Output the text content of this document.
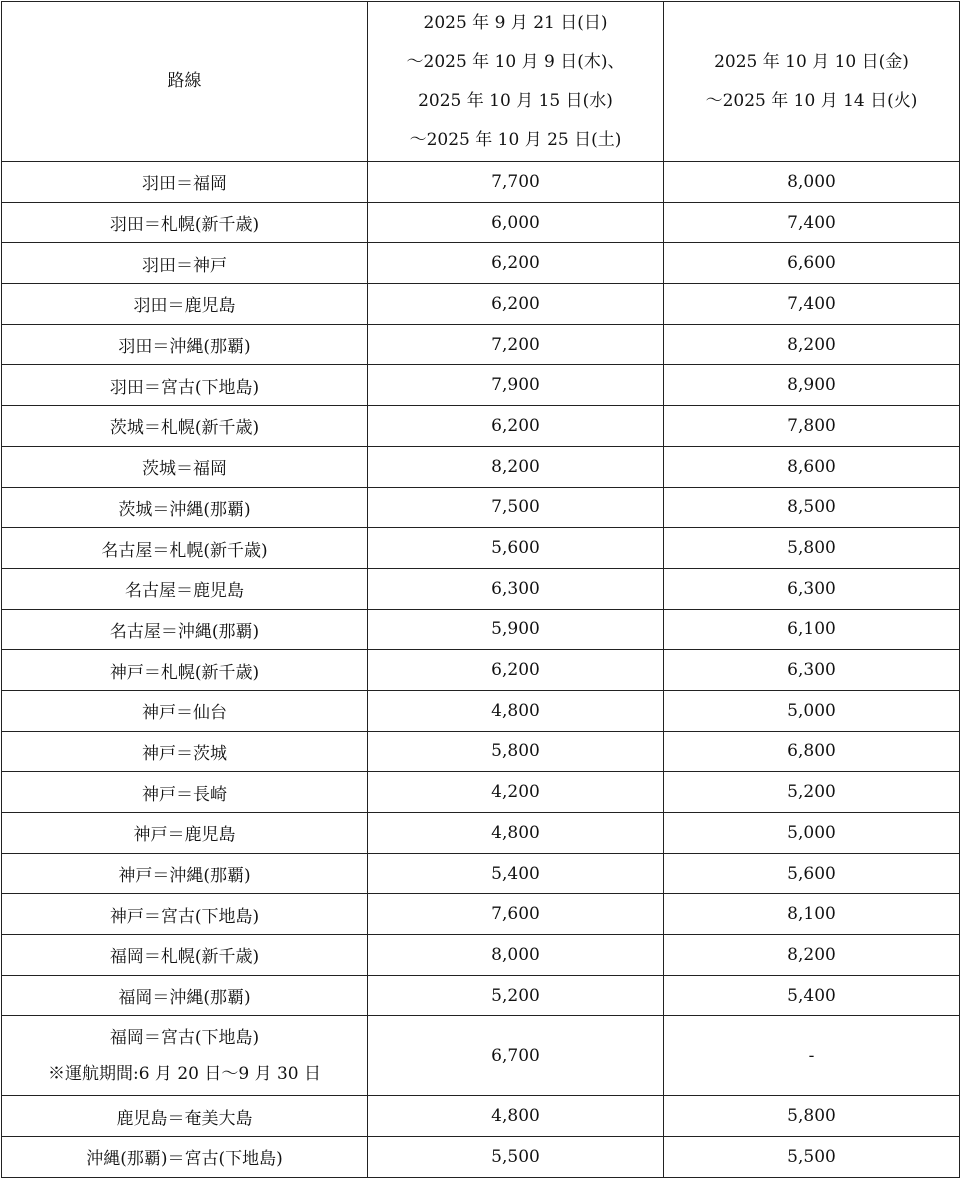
路線	2025 年 9 月 21 日(日)
～2025 年 10 月 9 日(木)、
2025 年 10 月 15 日(水)
～2025 年 10 月 25 日(土)	2025 年 10 月 10 日(金)
～2025 年 10 月 14 日(火)

羽田＝福岡	7,700	8,000
羽田＝札幌(新千歳)	6,000	7,400
羽田＝神戸	6,200	6,600
羽田＝鹿児島	6,200	7,400
羽田＝沖縄(那覇)	7,200	8,200
羽田＝宮古(下地島)	7,900	8,900
茨城＝札幌(新千歳)	6,200	7,800
茨城＝福岡	8,200	8,600
茨城＝沖縄(那覇)	7,500	8,500
名古屋＝札幌(新千歳)	5,600	5,800
名古屋＝鹿児島	6,300	6,300
名古屋＝沖縄(那覇)	5,900	6,100
神戸＝札幌(新千歳)	6,200	6,300
神戸＝仙台	4,800	5,000
神戸＝茨城	5,800	6,800
神戸＝長崎	4,200	5,200
神戸＝鹿児島	4,800	5,000
神戸＝沖縄(那覇)	5,400	5,600
神戸＝宮古(下地島)	7,600	8,100
福岡＝札幌(新千歳)	8,000	8,200
福岡＝沖縄(那覇)	5,200	5,400

福岡＝宮古(下地島)
※運航期間:6 月 20 日～9 月 30 日	6,700	-
鹿児島＝奄美大島	4,800	5,800
沖縄(那覇)＝宮古(下地島)	5,500	5,500
